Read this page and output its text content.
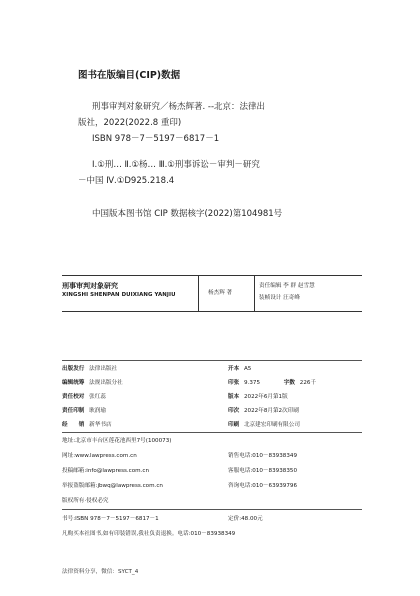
图书在版编目(CIP)数据
刑事审判对象研究／杨杰辉著. --北京：法律出
版社，2022(2022.8 重印)
ISBN 978－7－5197－6817－1
Ⅰ.①刑… Ⅱ.①杨… Ⅲ.①刑事诉讼－审判－研究
－中国 Ⅳ.①D925.218.4
中国版本图书馆 CIP 数据核字(2022)第104981号
刑事审判对象研究
XINGSHI SHENPAN DUIXIANG YANJIU	杨杰辉 著
责任编辑 李 群 赵雪慧
装帧设计 汪奇峰
出版发行 法律出版社
编辑统筹 法规出版分社
责任校对 张红蕊
责任印制 耿润瑜
经　　销 新华书店
开本 A5
印张 9.375	字数 226千
版本 2022年6月第1版
印次 2022年8月第2次印刷
印刷 北京建宏印刷有限公司
地址:北京市丰台区莲花池西里7号(100073)
网址:www.lawpress.com.cn
投稿邮箱:info@lawpress.com.cn
举报盗版邮箱:jbwq@lawpress.com.cn
版权所有·侵权必究
销售电话:010－83938349
客服电话:010－83938350
咨询电话:010－63939796
书号:ISBN 978－7－5197－6817－1	定价:48.00元
凡购买本社图书,如有印装错误,我社负责退换。电话:010－83938349
法律资料分享，微信：SYCT_4
